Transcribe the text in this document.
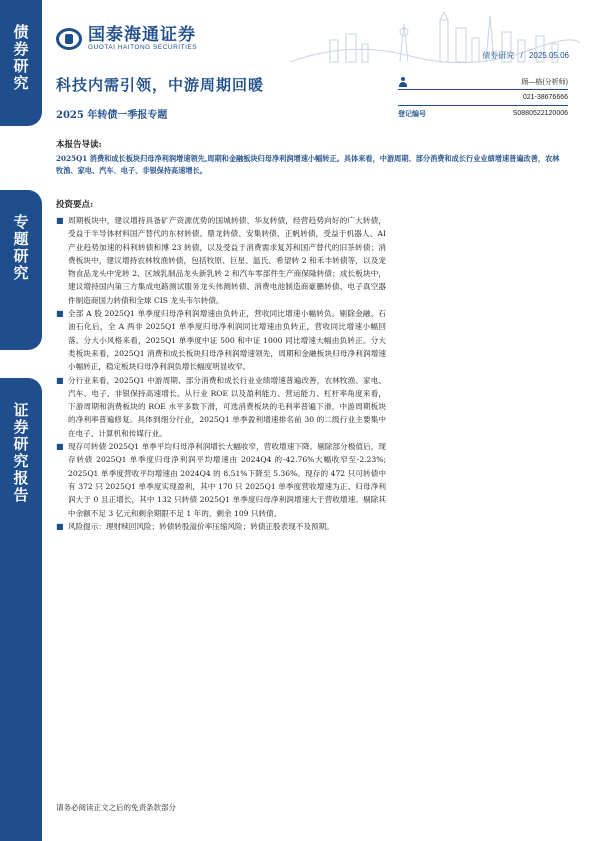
债券研究
专题研究
证券研究报告
国泰海通证券
GUOTAI HAITONG SECURITIES
债券研究 / 2025.05.06
科技内需引领，中游周期回暖
2025 年转债一季报专题
顾—格(分析师)
021-38676666
登记编号	S0880522120006
本报告导读:
2025Q1 消费和成长板块归母净利润增速领先,周期和金融板块归母净利润增速小幅转正。具体来看，中游周期、部分消费和成长行业业绩增速普遍改善，农林牧渔、家电、汽车、电子、非银保持高速增长。
投资要点:
■ 周期板块中，建议增持具备矿产资源优势的国城转债、华友转债，经营趋势向好的广大转债，受益于半导体材料国产替代的东材转债、鼎龙转债、安集转债、正帆转债，受益于机器人、AI 产业趋势加速的科利转债和博 23 转债，以及受益于消费需求复苏和国产替代的旧茶转债；消费板块中，建议增持农林牧渔转债，包括牧原、巨星、温氏、希望转 2 和禾丰转债等，以及宠物食品龙头中宠转 2、区域乳制品龙头新乳转 2 和汽车零部件生产商保隆转债；成长板块中，建议增持国内第三方集成电路测试服务龙头伟测转债、消费电池制造商豪鹏转债、电子真空器件制造商国力转债和全球 CIS 龙头韦尔转债。
■ 全部 A 股 2025Q1 单季度归母净利润增速由负转正，营收同比增速小幅转负。剔除金融、石油石化后，全 A 两非 2025Q1 单季度归母净利润同比增速由负转正，营收同比增速小幅回落。分大小风格来看，2025Q1 单季度中证 500 和中证 1000 同比增速大幅由负转正。分大类板块来看，2025Q1 消费和成长板块归母净利润增速领先，周期和金融板块归母净利润增速小幅转正，稳定板块归母净利润负增长幅度明显收窄。
■ 分行业来看，2025Q1 中游周期、部分消费和成长行业业绩增速普遍改善，农林牧渔、家电、汽车、电子、非银保持高速增长。从行业 ROE 以及盈利能力、营运能力、杠杆率角度来看，下游周期和消费板块的 ROE 水平多数下滑，可选消费板块的毛利率普遍下滑，中游周期板块的净利率普遍修复。具体到细分行业，2025Q1 单季盈利增速排名前 30 的二级行业主要集中在电子、计算机和传媒行业。
■ 现存可转债 2025Q1 单季平均归母净利润增长大幅收窄，营收增速下降。剔除部分极值后，现存转债 2025Q1 单季度归母净利润平均增速由 2024Q4 的-42.76%大幅收窄至-2.23%; 2025Q1 单季度营收平均增速由 2024Q4 的 8.51%下降至 5.36%。现存的 472 只可转债中有 372 只 2025Q1 单季度实现盈利，其中 170 只 2025Q1 单季度营收增速为正、归母净利润大于 0 且正增长，其中 132 只转债 2025Q1 单季度归母净利润增速大于营收增速。剔除其中余额不足 3 亿元和剩余期限不足 1 年的，剩余 109 只转债。
■ 风险提示：理财赎回风险；转债转股溢价率压缩风险；转债正股表现不及预期。
请务必阅读正文之后的免责条款部分
